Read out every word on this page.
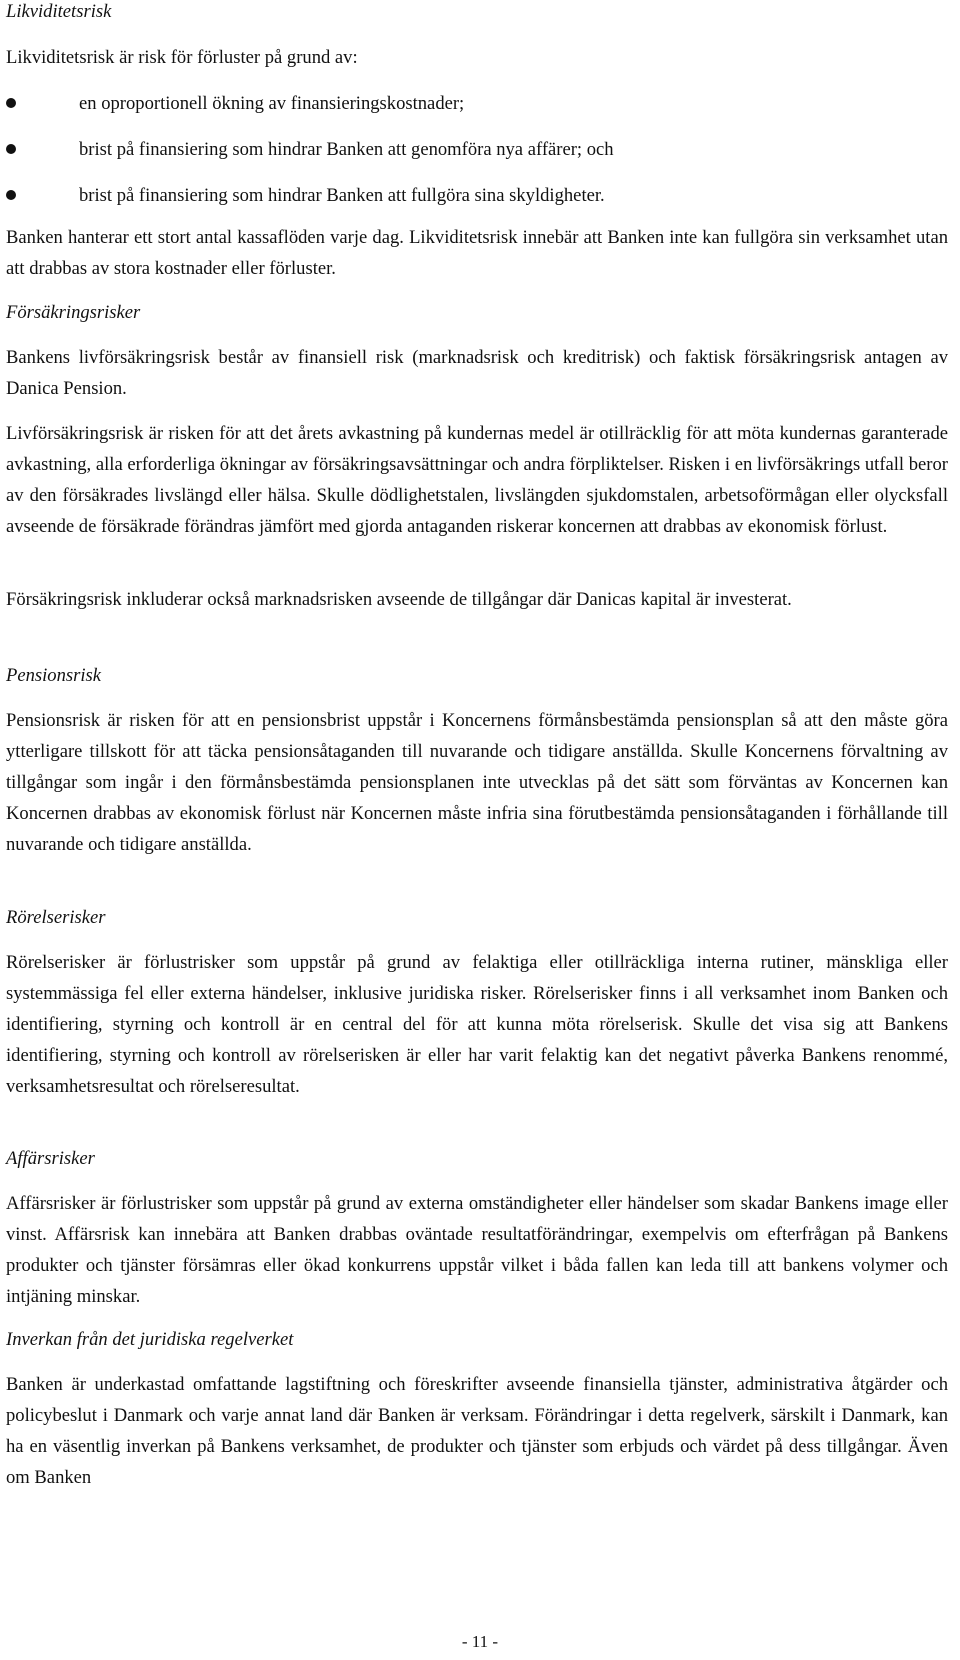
Likviditetsrisk

Likviditetsrisk är risk för förluster på grund av:

en oproportionell ökning av finansieringskostnader;
brist på finansiering som hindrar Banken att genomföra nya affärer; och
brist på finansiering som hindrar Banken att fullgöra sina skyldigheter.

Banken hanterar ett stort antal kassaflöden varje dag. Likviditetsrisk innebär att Banken inte kan fullgöra sin verksamhet utan att drabbas av stora kostnader eller förluster.

Försäkringsrisker

Bankens livförsäkringsrisk består av finansiell risk (marknadsrisk och kreditrisk) och faktisk försäkringsrisk antagen av Danica Pension.

Livförsäkringsrisk är risken för att det årets avkastning på kundernas medel är otillräcklig för att möta kundernas garanterade avkastning, alla erforderliga ökningar av försäkringsavsättningar och andra förpliktelser. Risken i en livförsäkrings utfall beror av den försäkrades livslängd eller hälsa. Skulle dödlighetstalen, livslängden sjukdomstalen, arbetsoförmågan eller olycksfall avseende de försäkrade förändras jämfört med gjorda antaganden riskerar koncernen att drabbas av ekonomisk förlust.

Försäkringsrisk inkluderar också marknadsrisken avseende de tillgångar där Danicas kapital är investerat.

Pensionsrisk

Pensionsrisk är risken för att en pensionsbrist uppstår i Koncernens förmånsbestämda pensionsplan så att den måste göra ytterligare tillskott för att täcka pensionsåtaganden till nuvarande och tidigare anställda. Skulle Koncernens förvaltning av tillgångar som ingår i den förmånsbestämda pensionsplanen inte utvecklas på det sätt som förväntas av Koncernen kan Koncernen drabbas av ekonomisk förlust när Koncernen måste infria sina förutbestämda pensionsåtaganden i förhållande till nuvarande och tidigare anställda.

Rörelserisker

Rörelserisker är förlustrisker som uppstår på grund av felaktiga eller otillräckliga interna rutiner, mänskliga eller systemmässiga fel eller externa händelser, inklusive juridiska risker. Rörelserisker finns i all verksamhet inom Banken och identifiering, styrning och kontroll är en central del för att kunna möta rörelserisk. Skulle det visa sig att Bankens identifiering, styrning och kontroll av rörelserisken är eller har varit felaktig kan det negativt påverka Bankens renommé, verksamhetsresultat och rörelseresultat.

Affärsrisker

Affärsrisker är förlustrisker som uppstår på grund av externa omständigheter eller händelser som skadar Bankens image eller vinst. Affärsrisk kan innebära att Banken drabbas oväntade resultatförändringar, exempelvis om efterfrågan på Bankens produkter och tjänster försämras eller ökad konkurrens uppstår vilket i båda fallen kan leda till att bankens volymer och intjäning minskar.

Inverkan från det juridiska regelverket

Banken är underkastad omfattande lagstiftning och föreskrifter avseende finansiella tjänster, administrativa åtgärder och policybeslut i Danmark och varje annat land där Banken är verksam. Förändringar i detta regelverk, särskilt i Danmark, kan ha en väsentlig inverkan på Bankens verksamhet, de produkter och tjänster som erbjuds och värdet på dess tillgångar. Även om Banken

- 11 -
